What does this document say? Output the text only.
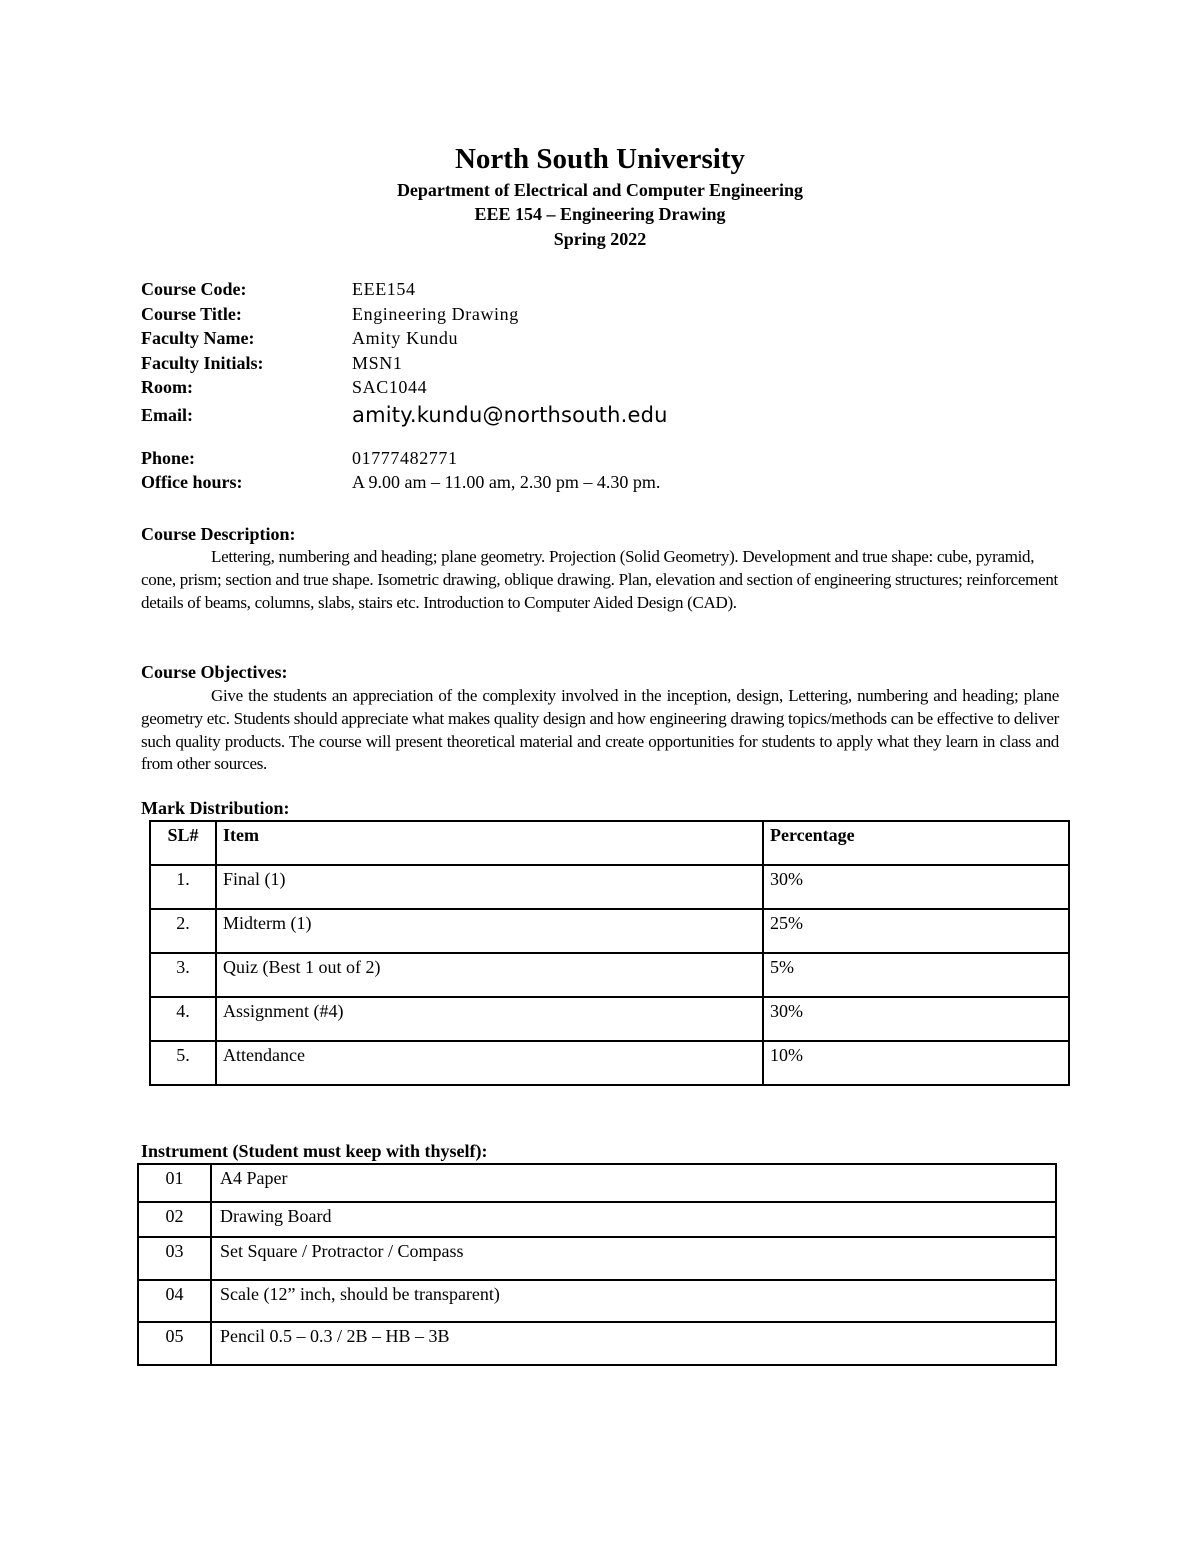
North South University
Department of Electrical and Computer Engineering
EEE 154 – Engineering Drawing
Spring 2022
Course Code:	EEE154
Course Title:	Engineering Drawing
Faculty Name:	Amity Kundu
Faculty Initials:	MSN1
Room:	SAC1044
Email:	amity.kundu@northsouth.edu
Phone:	01777482771
Office hours:	A 9.00 am – 11.00 am, 2.30 pm – 4.30 pm.
Course Description:
Lettering, numbering and heading; plane geometry. Projection (Solid Geometry). Development and true shape: cube, pyramid, cone, prism; section and true shape. Isometric drawing, oblique drawing. Plan, elevation and section of engineering structures; reinforcement details of beams, columns, slabs, stairs etc. Introduction to Computer Aided Design (CAD).
Course Objectives:
Give the students an appreciation of the complexity involved in the inception, design, Lettering, numbering and heading; plane geometry etc. Students should appreciate what makes quality design and how engineering drawing topics/methods can be effective to deliver such quality products. The course will present theoretical material and create opportunities for students to apply what they learn in class and from other sources.
Mark Distribution:
SL#	Item	Percentage
1.	Final (1)	30%
2.	Midterm (1)	25%
3.	Quiz (Best 1 out of 2)	5%
4.	Assignment (#4)	30%
5.	Attendance	10%
Instrument (Student must keep with thyself):
01	A4 Paper
02	Drawing Board
03	Set Square / Protractor / Compass
04	Scale (12” inch, should be transparent)
05	Pencil 0.5 – 0.3 / 2B – HB – 3B
